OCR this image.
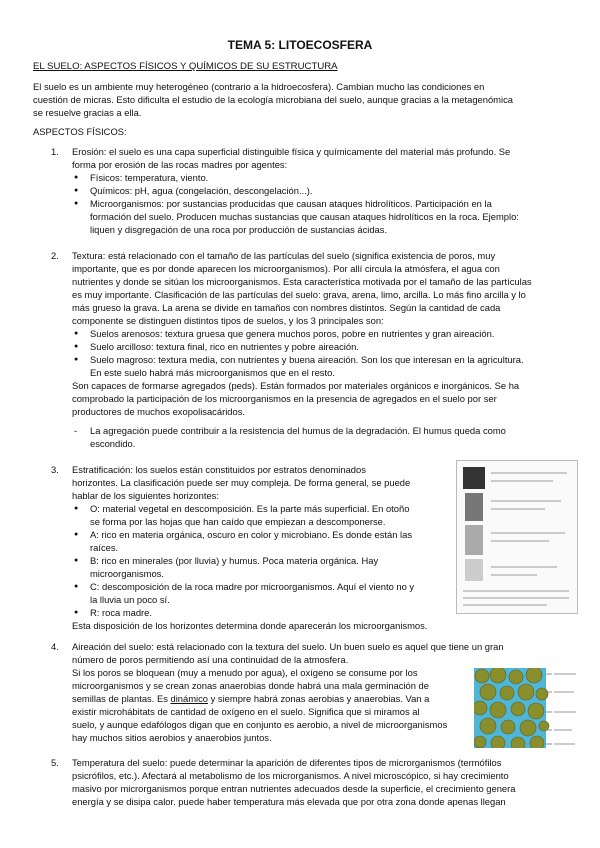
TEMA 5: LITOECOSFERA
EL SUELO: ASPECTOS FÍSICOS Y QUÍMICOS DE SU ESTRUCTURA

El suelo es un ambiente muy heterogéneo (contrario a la hidroecosfera). Cambian mucho las condiciones en

cuestión de micras. Esto dificulta el estudio de la ecología microbiana del suelo, aunque gracias a la metagenómica

se resuelve gracias a ella.

ASPECTOS FÍSICOS:
1. Erosión: el suelo es una capa superficial distinguible física y químicamente del material más profundo. Se

forma por erosión de las rocas madres por agentes:

● Físicos: temperatura, viento.
● Químicos: pH, agua (congelación, descongelación...).

● Microorganismos: por sustancias producidas que causan ataques hidrolíticos. Participación en la

formación del suelo. Producen muchas sustancias que causan ataques hidrolíticos en la roca. Ejemplo:

liquen y disgregación de una roca por producción de sustancias ácidas.

2. Textura: está relacionado con el tamaño de las partículas del suelo (significa existencia de poros, muy

importante, que es por donde aparecen los microorganismos). Por allí circula la atmósfera, el agua con

nutrientes y donde se sitúan los microorganismos. Esta característica motivada por el tamaño de las partículas

es muy importante. Clasificación de las partículas del suelo: grava, arena, limo, arcilla. Lo más fino arcilla y lo

más grueso la grava. La arena se divide en tamaños con nombres distintos. Según la cantidad de cada

componente se distinguen distintos tipos de suelos, y los 3 principales son:

● Suelos arenosos: textura gruesa que genera muchos poros, pobre en nutrientes y gran aireación.
● Suelo arcilloso: textura final, rico en nutrientes y pobre aireación.

● Suelo magroso: textura media, con nutrientes y buena aireación. Son los que interesan en la agricultura.

En este suelo habrá más microorganismos que en el resto.

Son capaces de formarse agregados (peds). Están formados por materiales orgánicos e inorgánicos. Se ha

comprobado la participación de los microorganismos en la presencia de agregados en el suelo por ser

productores de muchos exopolisacáridos.

- La agregación puede contribuir a la resistencia del humus de la degradación. El humus queda como

escondido.

3. Estratificación: los suelos están constituidos por estratos denominados

horizontes. La clasificación puede ser muy compleja. De forma general, se puede

hablar de los siguientes horizontes:

● O: material vegetal en descomposición. Es la parte más superficial. En otoño

se forma por las hojas que han caído que empiezan a descomponerse.

● A: rico en materia orgánica, oscuro en color y microbiano. Es donde están las

raíces.

● B: rico en minerales (por lluvia) y humus. Poca materia orgánica. Hay

microorganismos.

● C: descomposición de la roca madre por microorganismos. Aquí el viento no y

la lluvia un poco sí.

● R: roca madre.
Esta disposición de los horizontes determina donde aparecerán los microorganismos.
4. Aireación del suelo: está relacionado con la textura del suelo. Un buen suelo es aquel que tiene un gran

número de poros permitiendo así una continuidad de la atmosfera.

Si los poros se bloquean (muy a menudo por agua), el oxígeno se consume por los

microorganismos y se crean zonas anaerobias donde habrá una mala germinación de

semillas de plantas. Es dinámico y siempre habrá zonas aerobias y anaerobias. Van a

existir microhábitats de cantidad de oxígeno en el suelo. Significa que si miramos al

suelo, y aunque edafólogos digan que en conjunto es aerobio, a nivel de microorganismos

hay muchos sitios aerobios y anaerobios juntos.

5. Temperatura del suelo: puede determinar la aparición de diferentes tipos de microrganismos (termófilos

psicrófilos, etc.). Afectará al metabolismo de los microrganismos. A nivel microscópico, si hay crecimiento

masivo por microrganismos porque entran nutrientes adecuados desde la superficie, el crecimiento genera

energía y se disipa calor. puede haber temperatura más elevada que por otra zona donde apenas llegan
